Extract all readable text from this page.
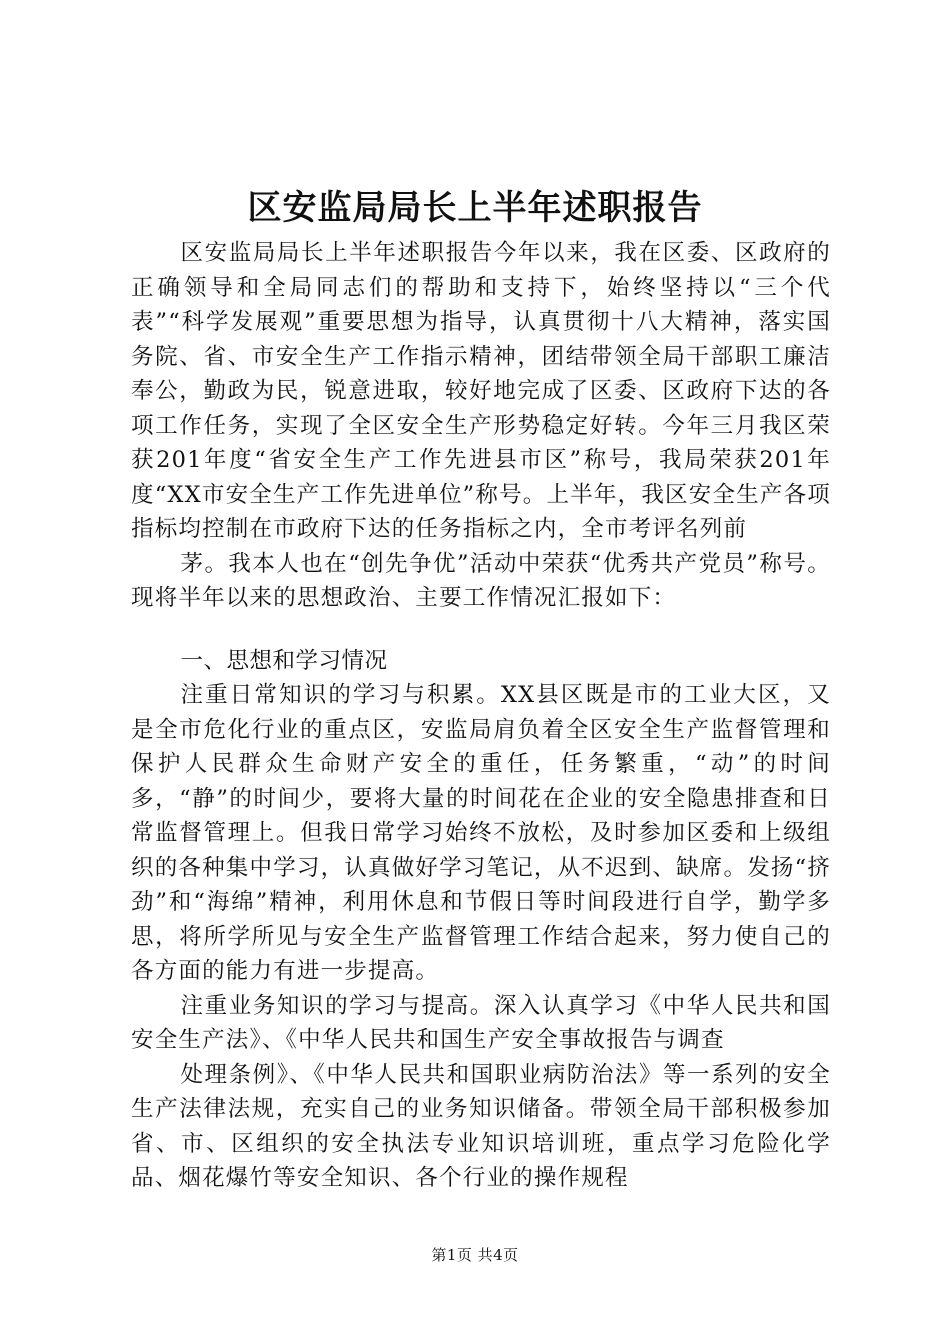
区安监局局长上半年述职报告

区安监局局长上半年述职报告今年以来，我在区委、区政府的正确领导和全局同志们的帮助和支持下，始终坚持以“三个代表”“科学发展观”重要思想为指导，认真贯彻十八大精神，落实国务院、省、市安全生产工作指示精神，团结带领全局干部职工廉洁奉公，勤政为民，锐意进取，较好地完成了区委、区政府下达的各项工作任务，实现了全区安全生产形势稳定好转。今年三月我区荣获201年度“省安全生产工作先进县市区”称号，我局荣获201年度“XX市安全生产工作先进单位”称号。上半年，我区安全生产各项指标均控制在市政府下达的任务指标之内，全市考评名列前

茅。我本人也在“创先争优”活动中荣获“优秀共产党员”称号。现将半年以来的思想政治、主要工作情况汇报如下：

一、思想和学习情况

注重日常知识的学习与积累。XX县区既是市的工业大区，又是全市危化行业的重点区，安监局肩负着全区安全生产监督管理和保护人民群众生命财产安全的重任，任务繁重，“动”的时间多，“静”的时间少，要将大量的时间花在企业的安全隐患排查和日常监督管理上。但我日常学习始终不放松，及时参加区委和上级组织的各种集中学习，认真做好学习笔记，从不迟到、缺席。发扬“挤劲”和“海绵”精神，利用休息和节假日等时间段进行自学，勤学多思，将所学所见与安全生产监督管理工作结合起来，努力使自己的各方面的能力有进一步提高。

注重业务知识的学习与提高。深入认真学习《中华人民共和国安全生产法》、《中华人民共和国生产安全事故报告与调查

处理条例》、《中华人民共和国职业病防治法》等一系列的安全生产法律法规，充实自己的业务知识储备。带领全局干部积极参加省、市、区组织的安全执法专业知识培训班，重点学习危险化学品、烟花爆竹等安全知识、各个行业的操作规程

第1页 共4页
